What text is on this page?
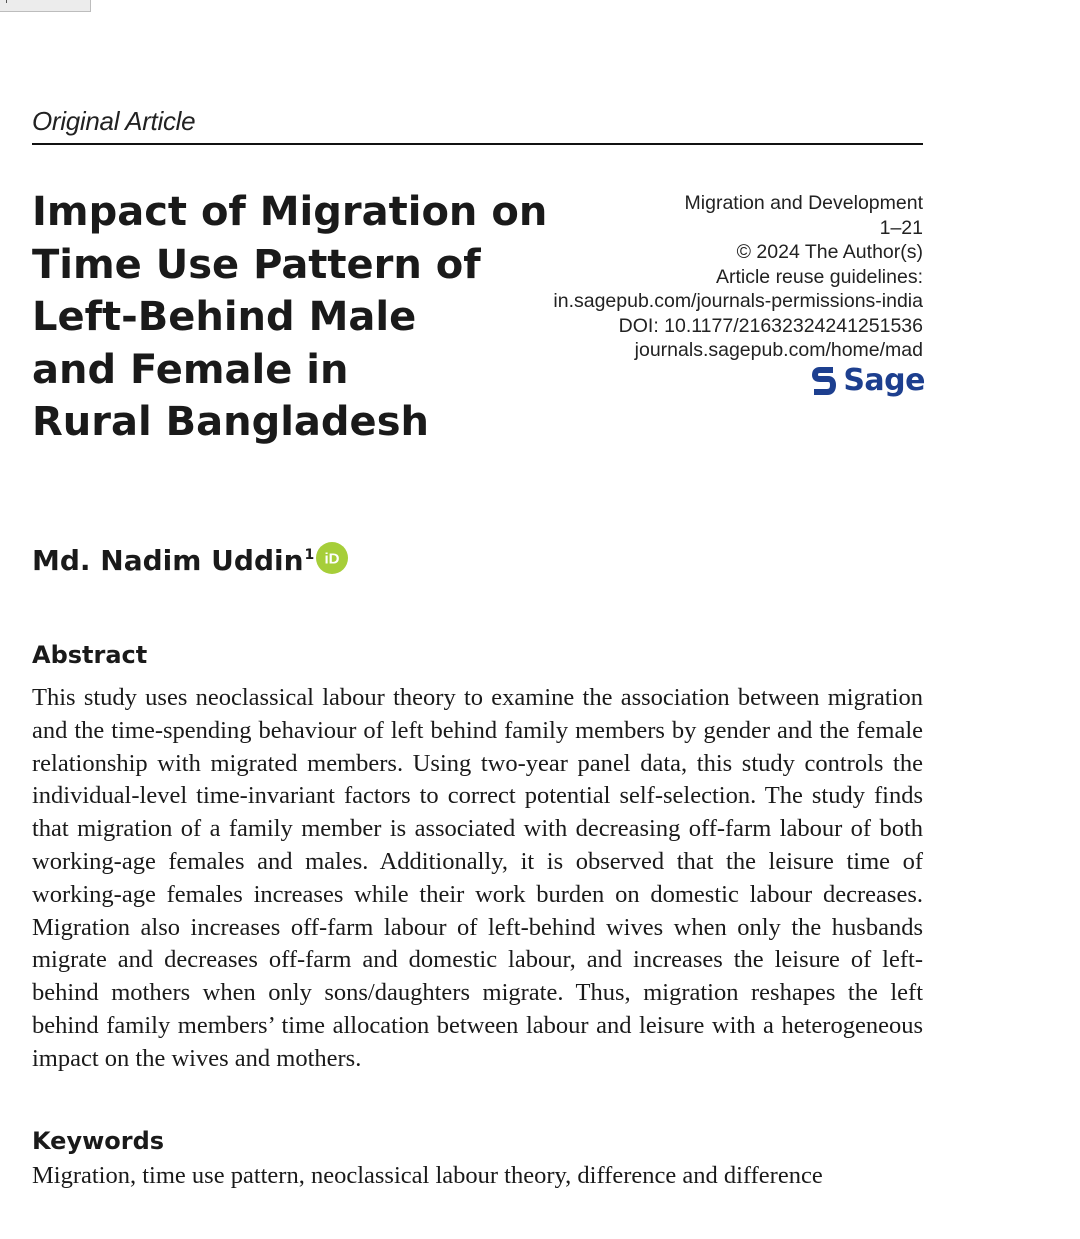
Original Article
Impact of Migration on
Time Use Pattern of
Left-Behind Male
and Female in
Rural Bangladesh
Migration and Development
1–21
© 2024 The Author(s)
Article reuse guidelines:
in.sagepub.com/journals-permissions-india
DOI: 10.1177/21632324241251536
journals.sagepub.com/home/mad
Sage
Md. Nadim Uddin 1 iD
Abstract

This study uses neoclassical labour theory to examine the association between migration and the time-spending behaviour of left behind family members by gender and the female relationship with migrated members. Using two-year panel data, this study controls the individual-level time-invariant factors to correct potential self-selection. The study finds that migration of a family member is associated with decreasing off-farm labour of both working-age females and males. Additionally, it is observed that the leisure time of working-age females increases while their work burden on domestic labour decreases. Migration also increases off-farm labour of left-behind wives when only the husbands migrate and decreases off-farm and domestic labour, and increases the leisure of left-behind mothers when only sons/daughters migrate. Thus, migration reshapes the left behind family members’ time allocation between labour and leisure with a heterogeneous impact on the wives and mothers.

Keywords

Migration, time use pattern, neoclassical labour theory, difference and difference
